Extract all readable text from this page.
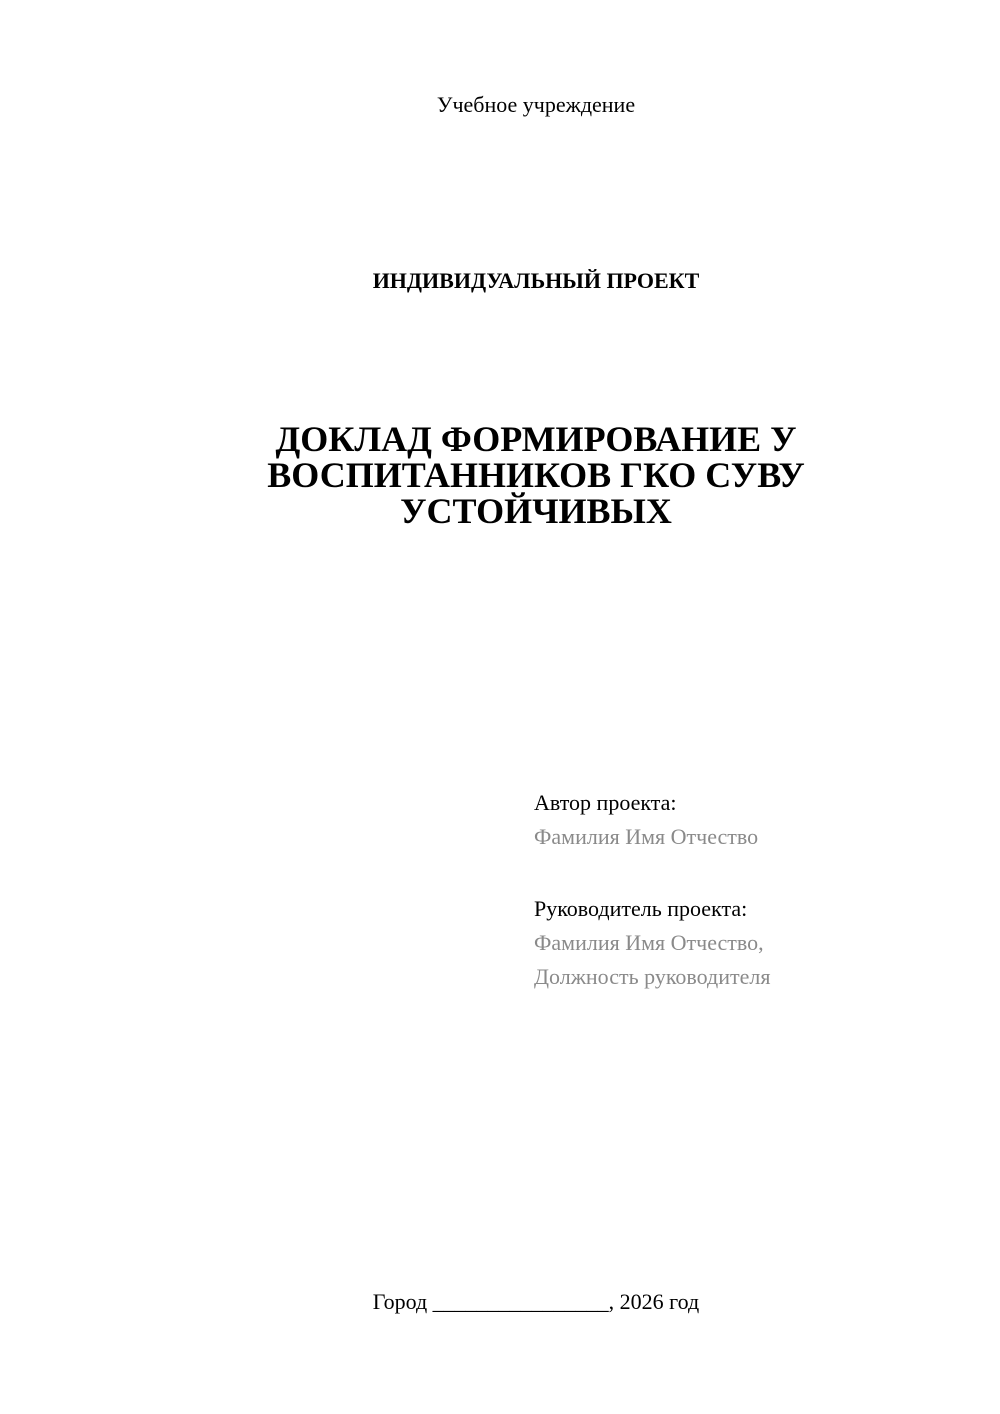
Учебное учреждение
ИНДИВИДУАЛЬНЫЙ ПРОЕКТ
ДОКЛАД ФОРМИРОВАНИЕ У
ВОСПИТАННИКОВ ГКО СУВУ
УСТОЙЧИВЫХ
Автор проекта:
Фамилия Имя Отчество
Руководитель проекта:
Фамилия Имя Отчество,
Должность руководителя
Город ________________, 2026 год
